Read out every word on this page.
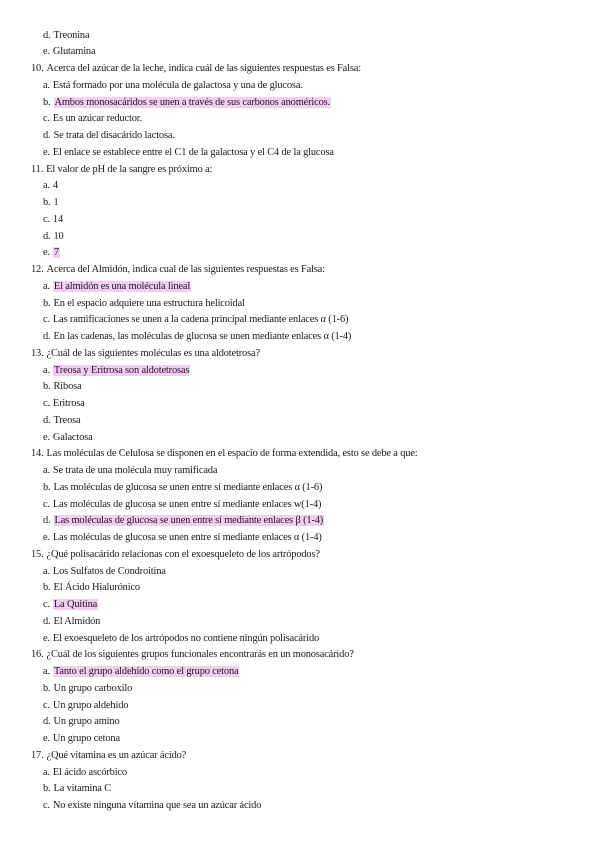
d. Treonina
e. Glutamina
10. Acerca del azúcar de la leche, indica cuál de las siguientes respuestas es Falsa:
a. Está formado por una molécula de galactosa y una de glucosa.
b. Ambos monosacáridos se unen a través de sus carbonos anoméricos.
c. Es un azúcar reductor.
d. Se trata del disacárido lactosa.
e. El enlace se establece entre el C1 de la galactosa y el C4 de la glucosa
11. El valor de pH de la sangre es próximo a:
a. 4
b. 1
c. 14
d. 10
e. 7
12. Acerca del Almidón, indica cual de las siguientes respuestas es Falsa:
a. El almidón es una molécula lineal
b. En el espacio adquiere una estructura helicoidal
c. Las ramificaciones se unen a la cadena principal mediante enlaces α (1-6)
d. En las cadenas, las moléculas de glucosa se unen mediante enlaces α (1-4)
13. ¿Cuál de las siguientes moléculas es una aldotetrosa?
a. Treosa y Eritrosa son aldotetrosas
b. Ribosa
c. Eritrosa
d. Treosa
e. Galactosa
14. Las moléculas de Celulosa se disponen en el espacio de forma extendida, esto se debe a que:
a. Se trata de una molécula muy ramificada
b. Las moléculas de glucosa se unen entre sí mediante enlaces α (1-6)
c. Las moléculas de glucosa se unen entre sí mediante enlaces w(1-4)
d. Las moléculas de glucosa se unen entre sí mediante enlaces β (1-4)
e. Las moléculas de glucosa se unen entre sí mediante enlaces α (1-4)
15. ¿Qué polisacárido relacionas con el exoesqueleto de los artrópodos?
a. Los Sulfatos de Condroitina
b. El Ácido Hialurónico
c. La Quitina
d. El Almidón
e. El exoesqueleto de los artrópodos no contiene ningún polisacárido
16. ¿Cuál de los siguientes grupos funcionales encontrarás en un monosacárido?
a. Tanto el grupo aldehído como el grupo cetona
b. Un grupo carboxilo
c. Un grupo aldehído
d. Un grupo amino
e. Un grupo cetona
17. ¿Qué vitamina es un azúcar ácido?
a. El ácido ascórbico
b. La vitamina C
c. No existe ninguna vitamina que sea un azúcar ácido
